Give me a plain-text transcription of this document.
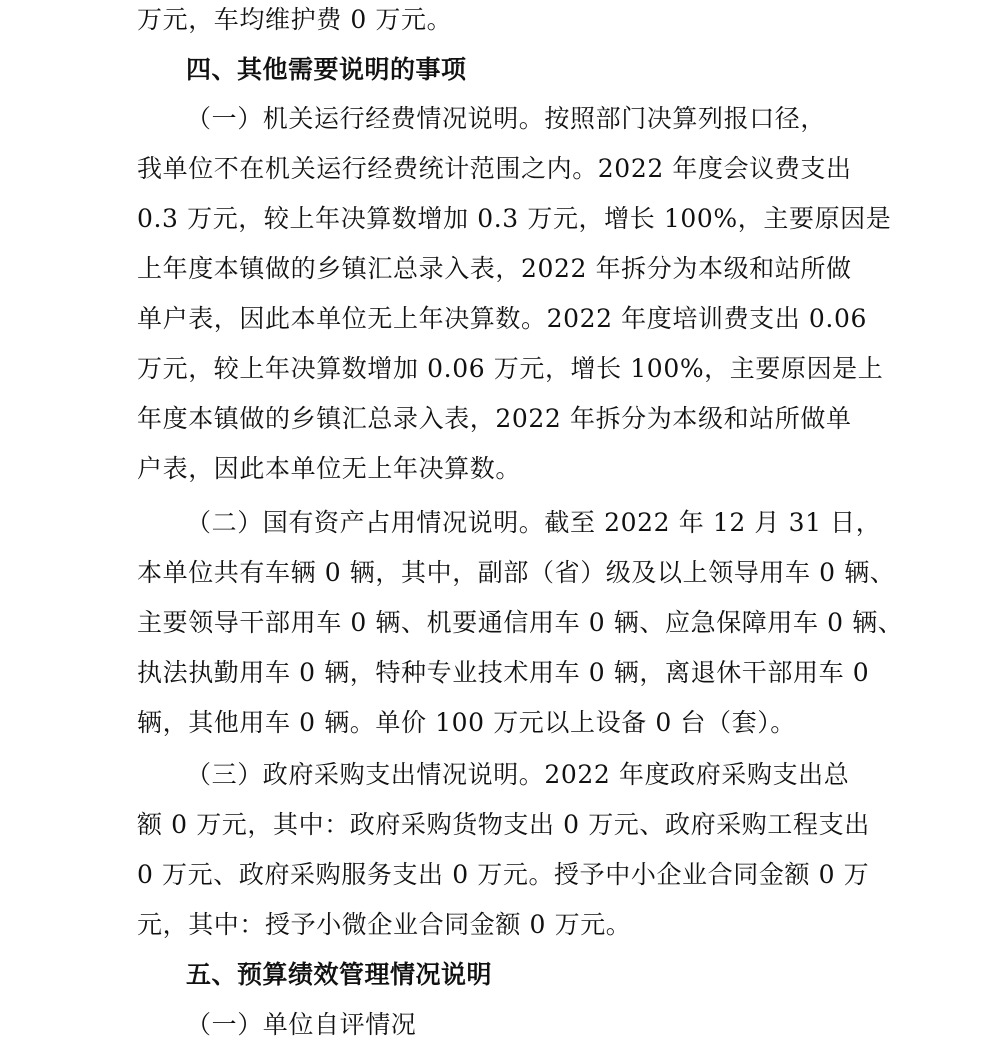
万元，车均维护费 0 万元。
四、其他需要说明的事项
（一）机关运行经费情况说明。按照部门决算列报口径，
我单位不在机关运行经费统计范围之内。2022 年度会议费支出
0.3 万元，较上年决算数增加 0.3 万元，增长 100%，主要原因是
上年度本镇做的乡镇汇总录入表，2022 年拆分为本级和站所做
单户表，因此本单位无上年决算数。2022 年度培训费支出 0.06
万元，较上年决算数增加 0.06 万元，增长 100%，主要原因是上
年度本镇做的乡镇汇总录入表，2022 年拆分为本级和站所做单
户表，因此本单位无上年决算数。
（二）国有资产占用情况说明。截至 2022 年 12 月 31 日，
本单位共有车辆 0 辆，其中，副部（省）级及以上领导用车 0 辆、
主要领导干部用车 0 辆、机要通信用车 0 辆、应急保障用车 0 辆、
执法执勤用车 0 辆，特种专业技术用车 0 辆，离退休干部用车 0
辆，其他用车 0 辆。单价 100 万元以上设备 0 台（套）。
（三）政府采购支出情况说明。2022 年度政府采购支出总
额 0 万元，其中：政府采购货物支出 0 万元、政府采购工程支出
0 万元、政府采购服务支出 0 万元。授予中小企业合同金额 0 万
元，其中：授予小微企业合同金额 0 万元。
五、预算绩效管理情况说明
（一）单位自评情况
